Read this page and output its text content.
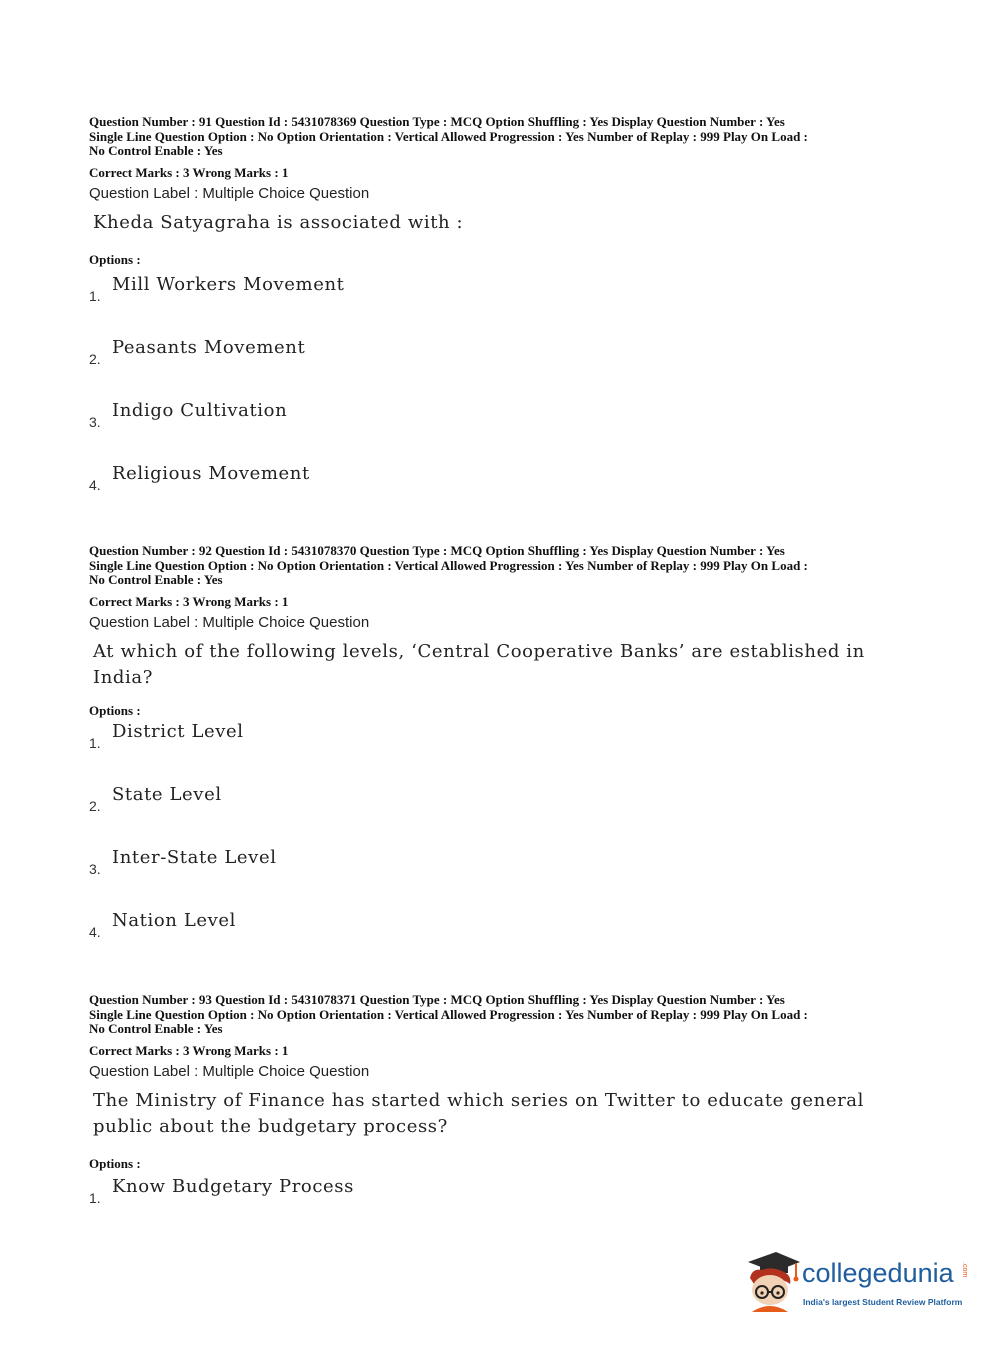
Question Number : 91 Question Id : 5431078369 Question Type : MCQ Option Shuffling : Yes Display Question Number : Yes
Single Line Question Option : No Option Orientation : Vertical Allowed Progression : Yes Number of Replay : 999 Play On Load :
No Control Enable : Yes
Correct Marks : 3 Wrong Marks : 1
Question Label : Multiple Choice Question
Kheda Satyagraha is associated with :
Options :
1.
Mill Workers Movement
2.
Peasants Movement
3.
Indigo Cultivation
4.
Religious Movement
Question Number : 92 Question Id : 5431078370 Question Type : MCQ Option Shuffling : Yes Display Question Number : Yes
Single Line Question Option : No Option Orientation : Vertical Allowed Progression : Yes Number of Replay : 999 Play On Load :
No Control Enable : Yes
Correct Marks : 3 Wrong Marks : 1
Question Label : Multiple Choice Question
At which of the following levels, ‘Central Cooperative Banks’ are established in India?
Options :
1.
District Level
2.
State Level
3.
Inter-State Level
4.
Nation Level
Question Number : 93 Question Id : 5431078371 Question Type : MCQ Option Shuffling : Yes Display Question Number : Yes
Single Line Question Option : No Option Orientation : Vertical Allowed Progression : Yes Number of Replay : 999 Play On Load :
No Control Enable : Yes
Correct Marks : 3 Wrong Marks : 1
Question Label : Multiple Choice Question
The Ministry of Finance has started which series on Twitter to educate general public about the budgetary process?
Options :
1.
Know Budgetary Process
collegedunia .com
India's largest Student Review Platform
